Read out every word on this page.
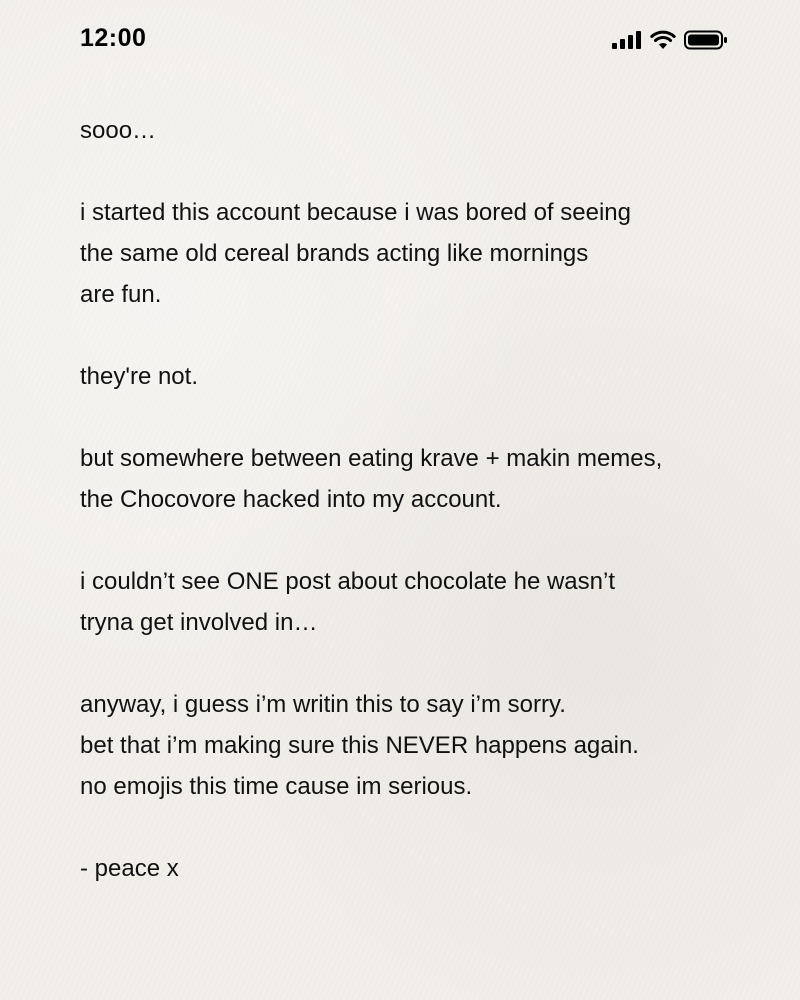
12:00

sooo…

i started this account because i was bored of seeing
the same old cereal brands acting like mornings
are fun.

they're not.

but somewhere between eating krave + makin memes,
the Chocovore hacked into my account.

i couldn’t see ONE post about chocolate he wasn’t
tryna get involved in…

anyway, i guess i’m writin this to say i’m sorry.
bet that i’m making sure this NEVER happens again.
no emojis this time cause im serious.

- peace x
